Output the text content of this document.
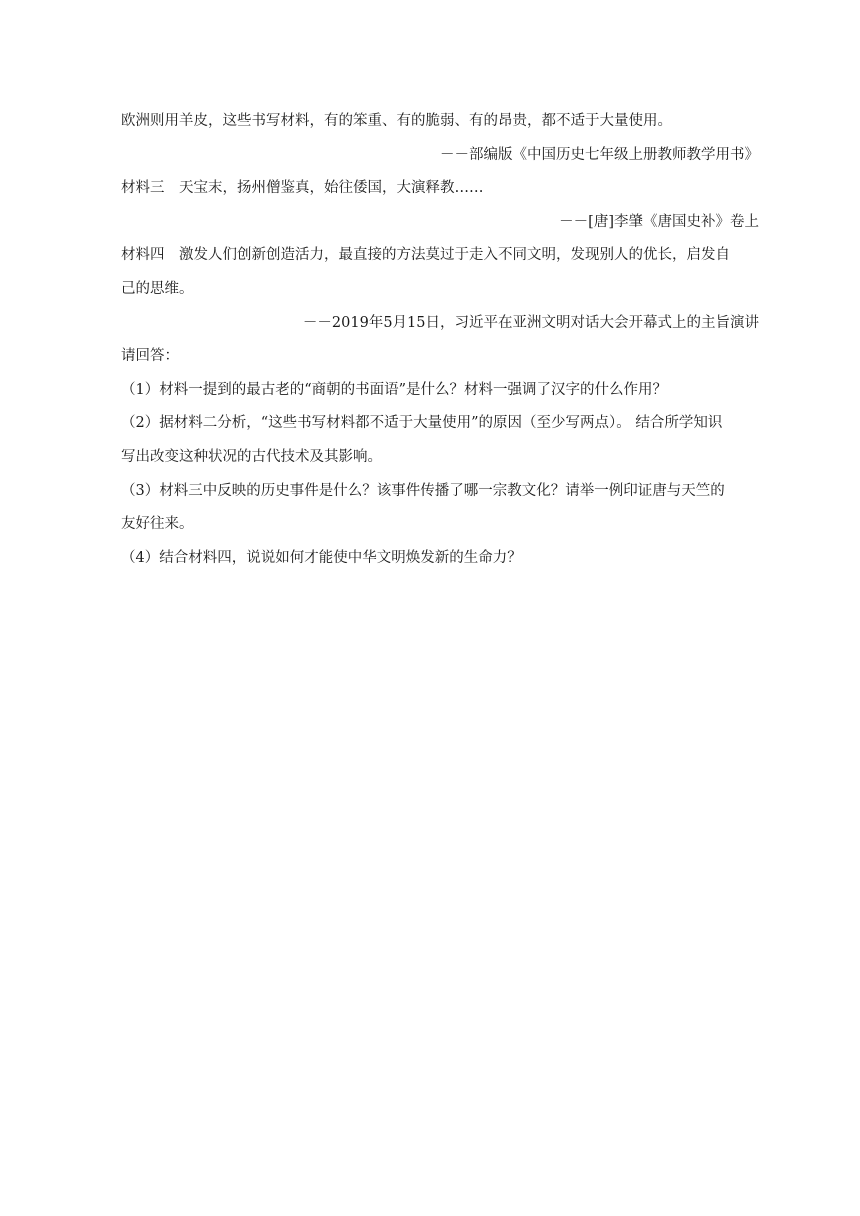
欧洲则用羊皮，这些书写材料，有的笨重、有的脆弱、有的昂贵，都不适于大量使用。
－－部编版《中国历史七年级上册教师教学用书》
材料三　天宝末，扬州僧鉴真，始往倭国，大演释教……
－－[唐]李肇《唐国史补》卷上
材料四　激发人们创新创造活力，最直接的方法莫过于走入不同文明，发现别人的优长，启发自
己的思维。
－－2019年5月15日，习近平在亚洲文明对话大会开幕式上的主旨演讲
请回答：
（1）材料一提到的最古老的“商朝的书面语”是什么？材料一强调了汉字的什么作用？
（2）据材料二分析，“这些书写材料都不适于大量使用”的原因（至少写两点）。 结合所学知识
写出改变这种状况的古代技术及其影响。
（3）材料三中反映的历史事件是什么？该事件传播了哪一宗教文化？请举一例印证唐与天竺的
友好往来。
（4）结合材料四，说说如何才能使中华文明焕发新的生命力？
